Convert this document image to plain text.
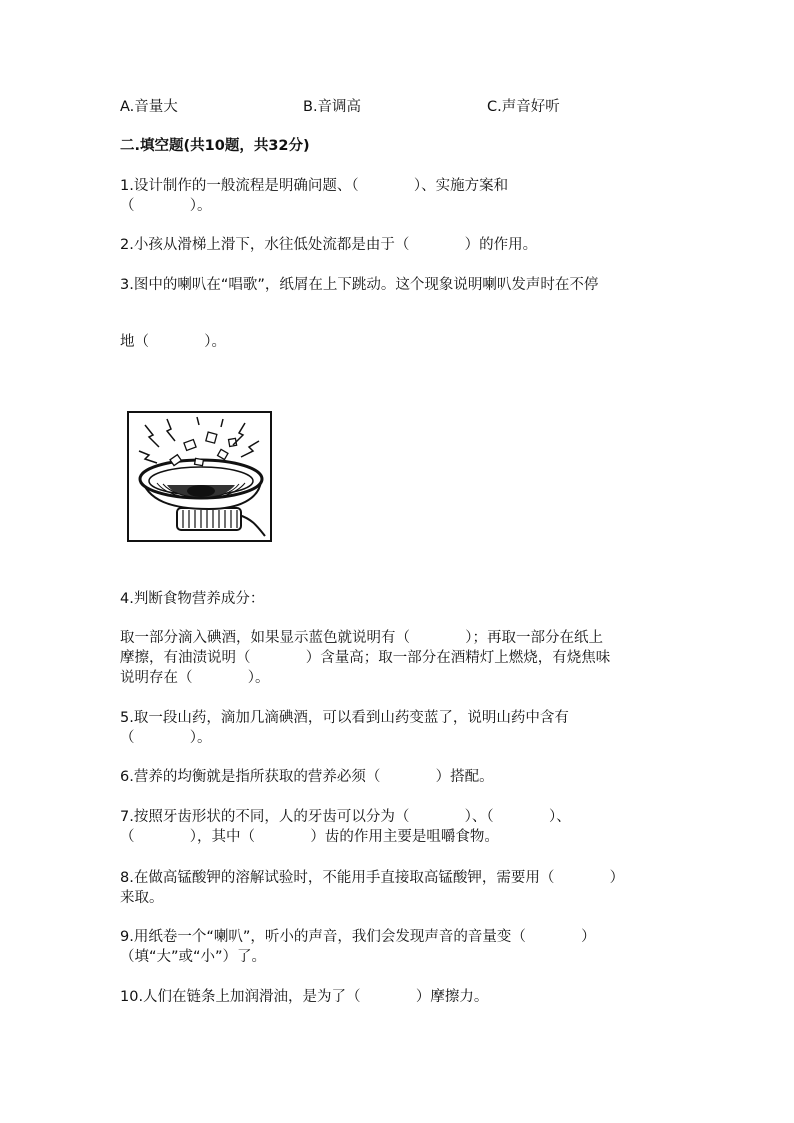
A.音量大	B.音调高	C.声音好听
二.填空题(共10题，共32分)
1.设计制作的一般流程是明确问题、（            ）、实施方案和
（            ）。
2.小孩从滑梯上滑下，水往低处流都是由于（            ）的作用。
3.图中的喇叭在“唱歌”，纸屑在上下跳动。这个现象说明喇叭发声时在不停
地（            ）。
4.判断食物营养成分：
取一部分滴入碘酒，如果显示蓝色就说明有（            ）；再取一部分在纸上
摩擦，有油渍说明（            ）含量高；取一部分在酒精灯上燃烧，有烧焦味
说明存在（            ）。
5.取一段山药，滴加几滴碘酒，可以看到山药变蓝了，说明山药中含有
（            ）。
6.营养的均衡就是指所获取的营养必须（            ）搭配。
7.按照牙齿形状的不同，人的牙齿可以分为（            ）、（            ）、
（            ），其中（            ）齿的作用主要是咀嚼食物。
8.在做高锰酸钾的溶解试验时，不能用手直接取高锰酸钾，需要用（            ）
来取。
9.用纸卷一个“喇叭”，听小的声音，我们会发现声音的音量变（            ）
（填“大”或“小”）了。
10.人们在链条上加润滑油，是为了（            ）摩擦力。
